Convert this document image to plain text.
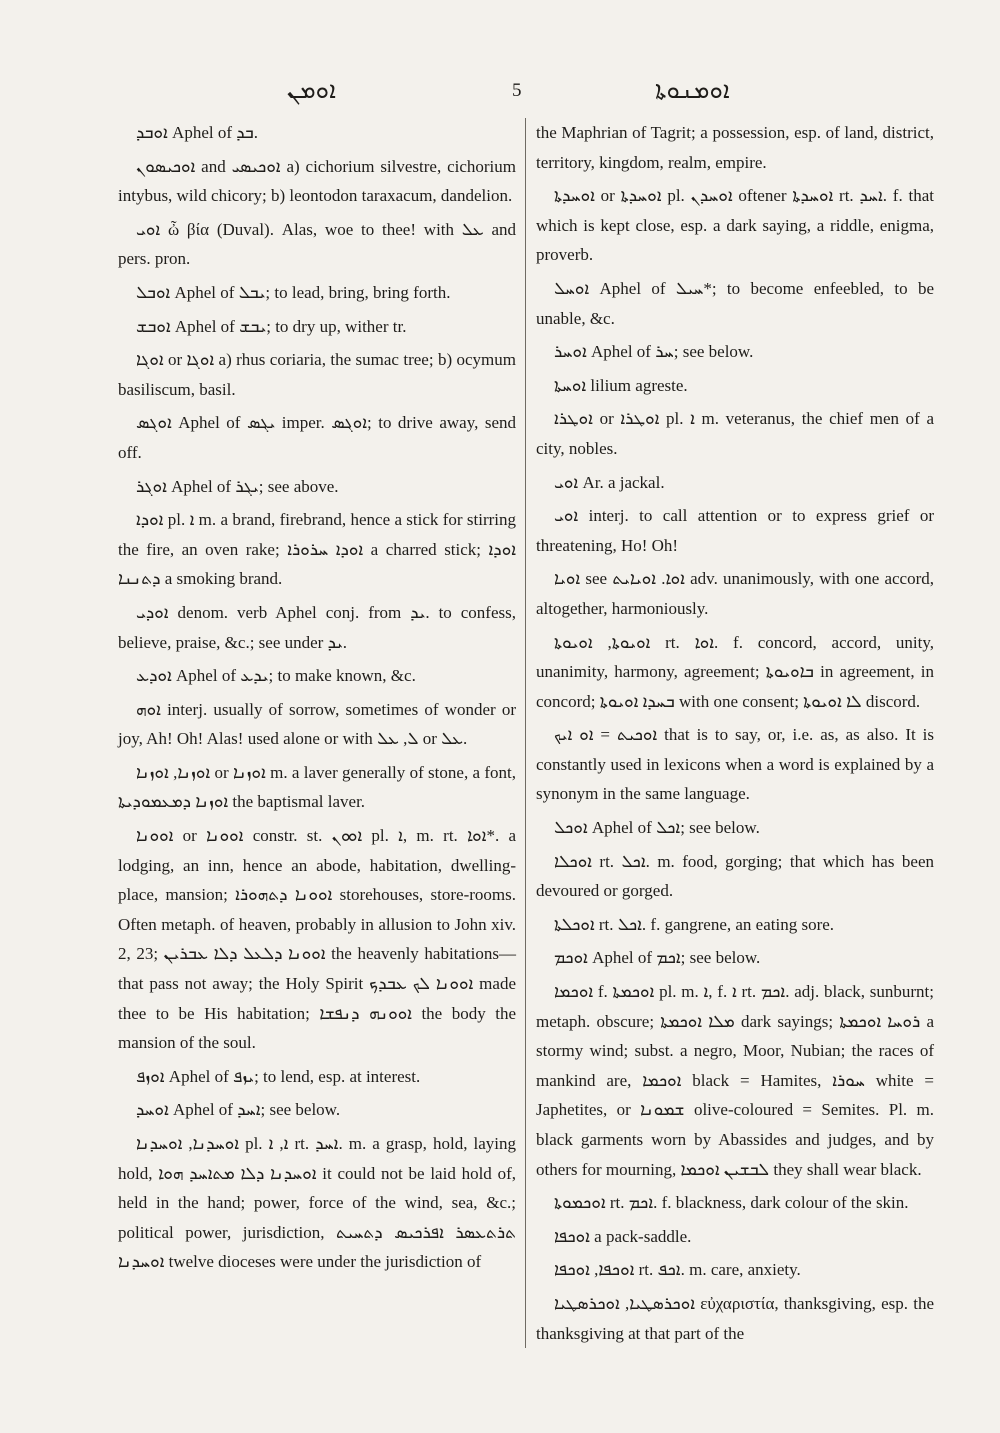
ܐܘܡܢ	5	ܐܘܡܢܘܬܐ

ܐܘܒܕ Aphel of ܒܕ.

ܐܘܟܝܣܘܢ and ܐܘܟܝܣܝ a) cichorium silvestre, cichorium intybus, wild chicory; b) leontodon taraxacum, dandelion.

ܐܘܝ ὦ βία (Duval). Alas, woe to thee! with ܥܠ and pers. pron.

ܐܘܒܠ Aphel of ܝܒܠ; to lead, bring, bring forth.

ܐܘܒܫ Aphel of ܝܒܫ; to dry up, wither tr.

ܐܘܓܐ or ܐܘܓܐ a) rhus coriaria, the sumac tree; b) ocymum basiliscum, basil.

ܐܘܓܣ Aphel of ܝܓܣ imper. ܐܘܓܣ; to drive away, send off.

ܐܘܓܪ Aphel of ܝܓܪ; see above.

ܐܘܕܐ pl. ܐ m. a brand, firebrand, hence a stick for stirring the fire, an oven rake; ܐܘܕܐ ܚܪܘܪܐ a charred stick; ܐܘܕܐ ܕܬܢܢܐ a smoking brand.

ܐܘܕܝ denom. verb Aphel conj. from ܝܕ. to confess, believe, praise, &c.; see under ܝܕ.

ܐܘܕܥ Aphel of ܝܕܥ; to make known, &c.

ܐܘܗ interj. usually of sorrow, sometimes of wonder or joy, Ah! Oh! Alas! used alone or with ܠ, ܥܠ or ܥܠ.

ܐܘܙܢܐ, ܐܘܙܢܐ or ܐܘܙܢܐ m. a laver generally of stone, a font, ܐܘܙܢܐ ܕܡܥܡܘܕܝܬܐ the baptismal laver.

ܐܘܘܢܐ or ܐܘܘܢܐ constr. st. ܐܘܘܢ pl. ܐ, m. rt. ܐܘܐ*. a lodging, an inn, hence an abode, habitation, dwelling-place, mansion; ܐܘܘܢܐ ܕܬܗܘܪܐ storehouses, store-rooms. Often metaph. of heaven, probably in allusion to John xiv. 2, 23; ܐܘܘܢܐ ܕܠܥܠ ܕܠܐ ܥܒܪܝܢ the heavenly habitations—that pass not away; the Holy Spirit ܐܘܘܢܐ ܠܟ ܥܒܕܟ made thee to be His habitation; ܐܘܘܢܗ ܕܢܦܫܐ the body the mansion of the soul.

ܐܘܙܦ Aphel of ܝܙܦ; to lend, esp. at interest.

ܐܘܚܕ Aphel of ܐܚܕ; see below.

ܐܘܚܕܢܐ, ܐܘܚܕܢܐ pl. ܐ, ܐ rt. ܐܚܕ. m. a grasp, hold, laying hold, ܐܘܚܕܢܐ ܕܠܐ ܡܬܐܚܕ ܗܘܐ it could not be laid hold of, held in the hand; power, force of the wind, sea, &c.; political power, jurisdiction, ܬܪܬܥܣܪ ܐܦܪܟܝܣ ܕܬܚܝܬ ܐܘܚܕܢܐ twelve dioceses were under the jurisdiction of

the Maphrian of Tagrit; a possession, esp. of land, district, territory, kingdom, realm, empire.

ܐܘܚܕܬܐ or ܐܘܚܕܬܐ pl. ܐܘܚܕܢ oftener ܐܘܚܕܬܐ rt. ܐܚܕ. f. that which is kept close, esp. a dark saying, a riddle, enigma, proverb.

ܐܘܚܠ Aphel of ܚܝܠ*; to become enfeebled, to be unable, &c.

ܐܘܚܪ Aphel of ܚܪ; see below.

ܐܘܚܬܐ lilium agreste.

ܐܘܛܪܐ or ܐܘܛܪܐ pl. ܐ m. veteranus, the chief men of a city, nobles.

ܐܘܝ Ar. a jackal.

ܐܘܝ interj. to call attention or to express grief or threatening, Ho! Oh!

ܐܘܝܐ see ܐܘܐ. ܐܘܝܐܝܬ adv. unanimously, with one accord, altogether, harmoniously.

ܐܘܝܘܬܐ, ܐܘܝܘܬܐ rt. ܐܘܐ. f. concord, accord, unity, unanimity, harmony, agreement; ܒܐܘܝܘܬܐ in agreement, in concord; ܒܚܕܐ ܐܘܝܘܬܐ with one consent; ܠܐ ܐܘܝܘܬܐ discord.

ܐܘܟܝܬ = ܐܘ ܐܝܟ that is to say, or, i.e. as, as also. It is constantly used in lexicons when a word is explained by a synonym in the same language.

ܐܘܟܠ Aphel of ܐܟܠ; see below.

ܐܘܟܠܐ rt. ܐܟܠ. m. food, gorging; that which has been devoured or gorged.

ܐܘܟܠܬܐ rt. ܐܟܠ. f. gangrene, an eating sore.

ܐܘܟܡ Aphel of ܐܟܡ; see below.

ܐܘܟܡܐ f. ܐܘܟܡܬܐ pl. m. ܐ, f. ܐ rt. ܐܟܡ. adj. black, sunburnt; metaph. obscure; ܡܠܐ ܐܘܟܡܬܐ dark sayings; ܪܘܚܐ ܐܘܟܡܬܐ a stormy wind; subst. a negro, Moor, Nubian; the races of mankind are, ܐܘܟܡܐ black = Hamites, ܚܘܪܐ white = Japhetites, or ܫܡܘܢܐ olive-coloured = Semites. Pl. m. black garments worn by Abassides and judges, and by others for mourning, ܠܒܫܝܢ ܐܘܟܡܐ they shall wear black.

ܐܘܟܡܘܬܐ rt. ܐܟܡ. f. blackness, dark colour of the skin.

ܐܘܟܦܐ a pack-saddle.

ܐܘܟܦܐ, ܐܘܟܦܐ rt. ܐܟܦ. m. care, anxiety.

ܐܘܟܪܣܛܝܐ, ܐܘܟܪܣܛܝܐ εὐχαριστία, thanksgiving, esp. the thanksgiving at that part of the
